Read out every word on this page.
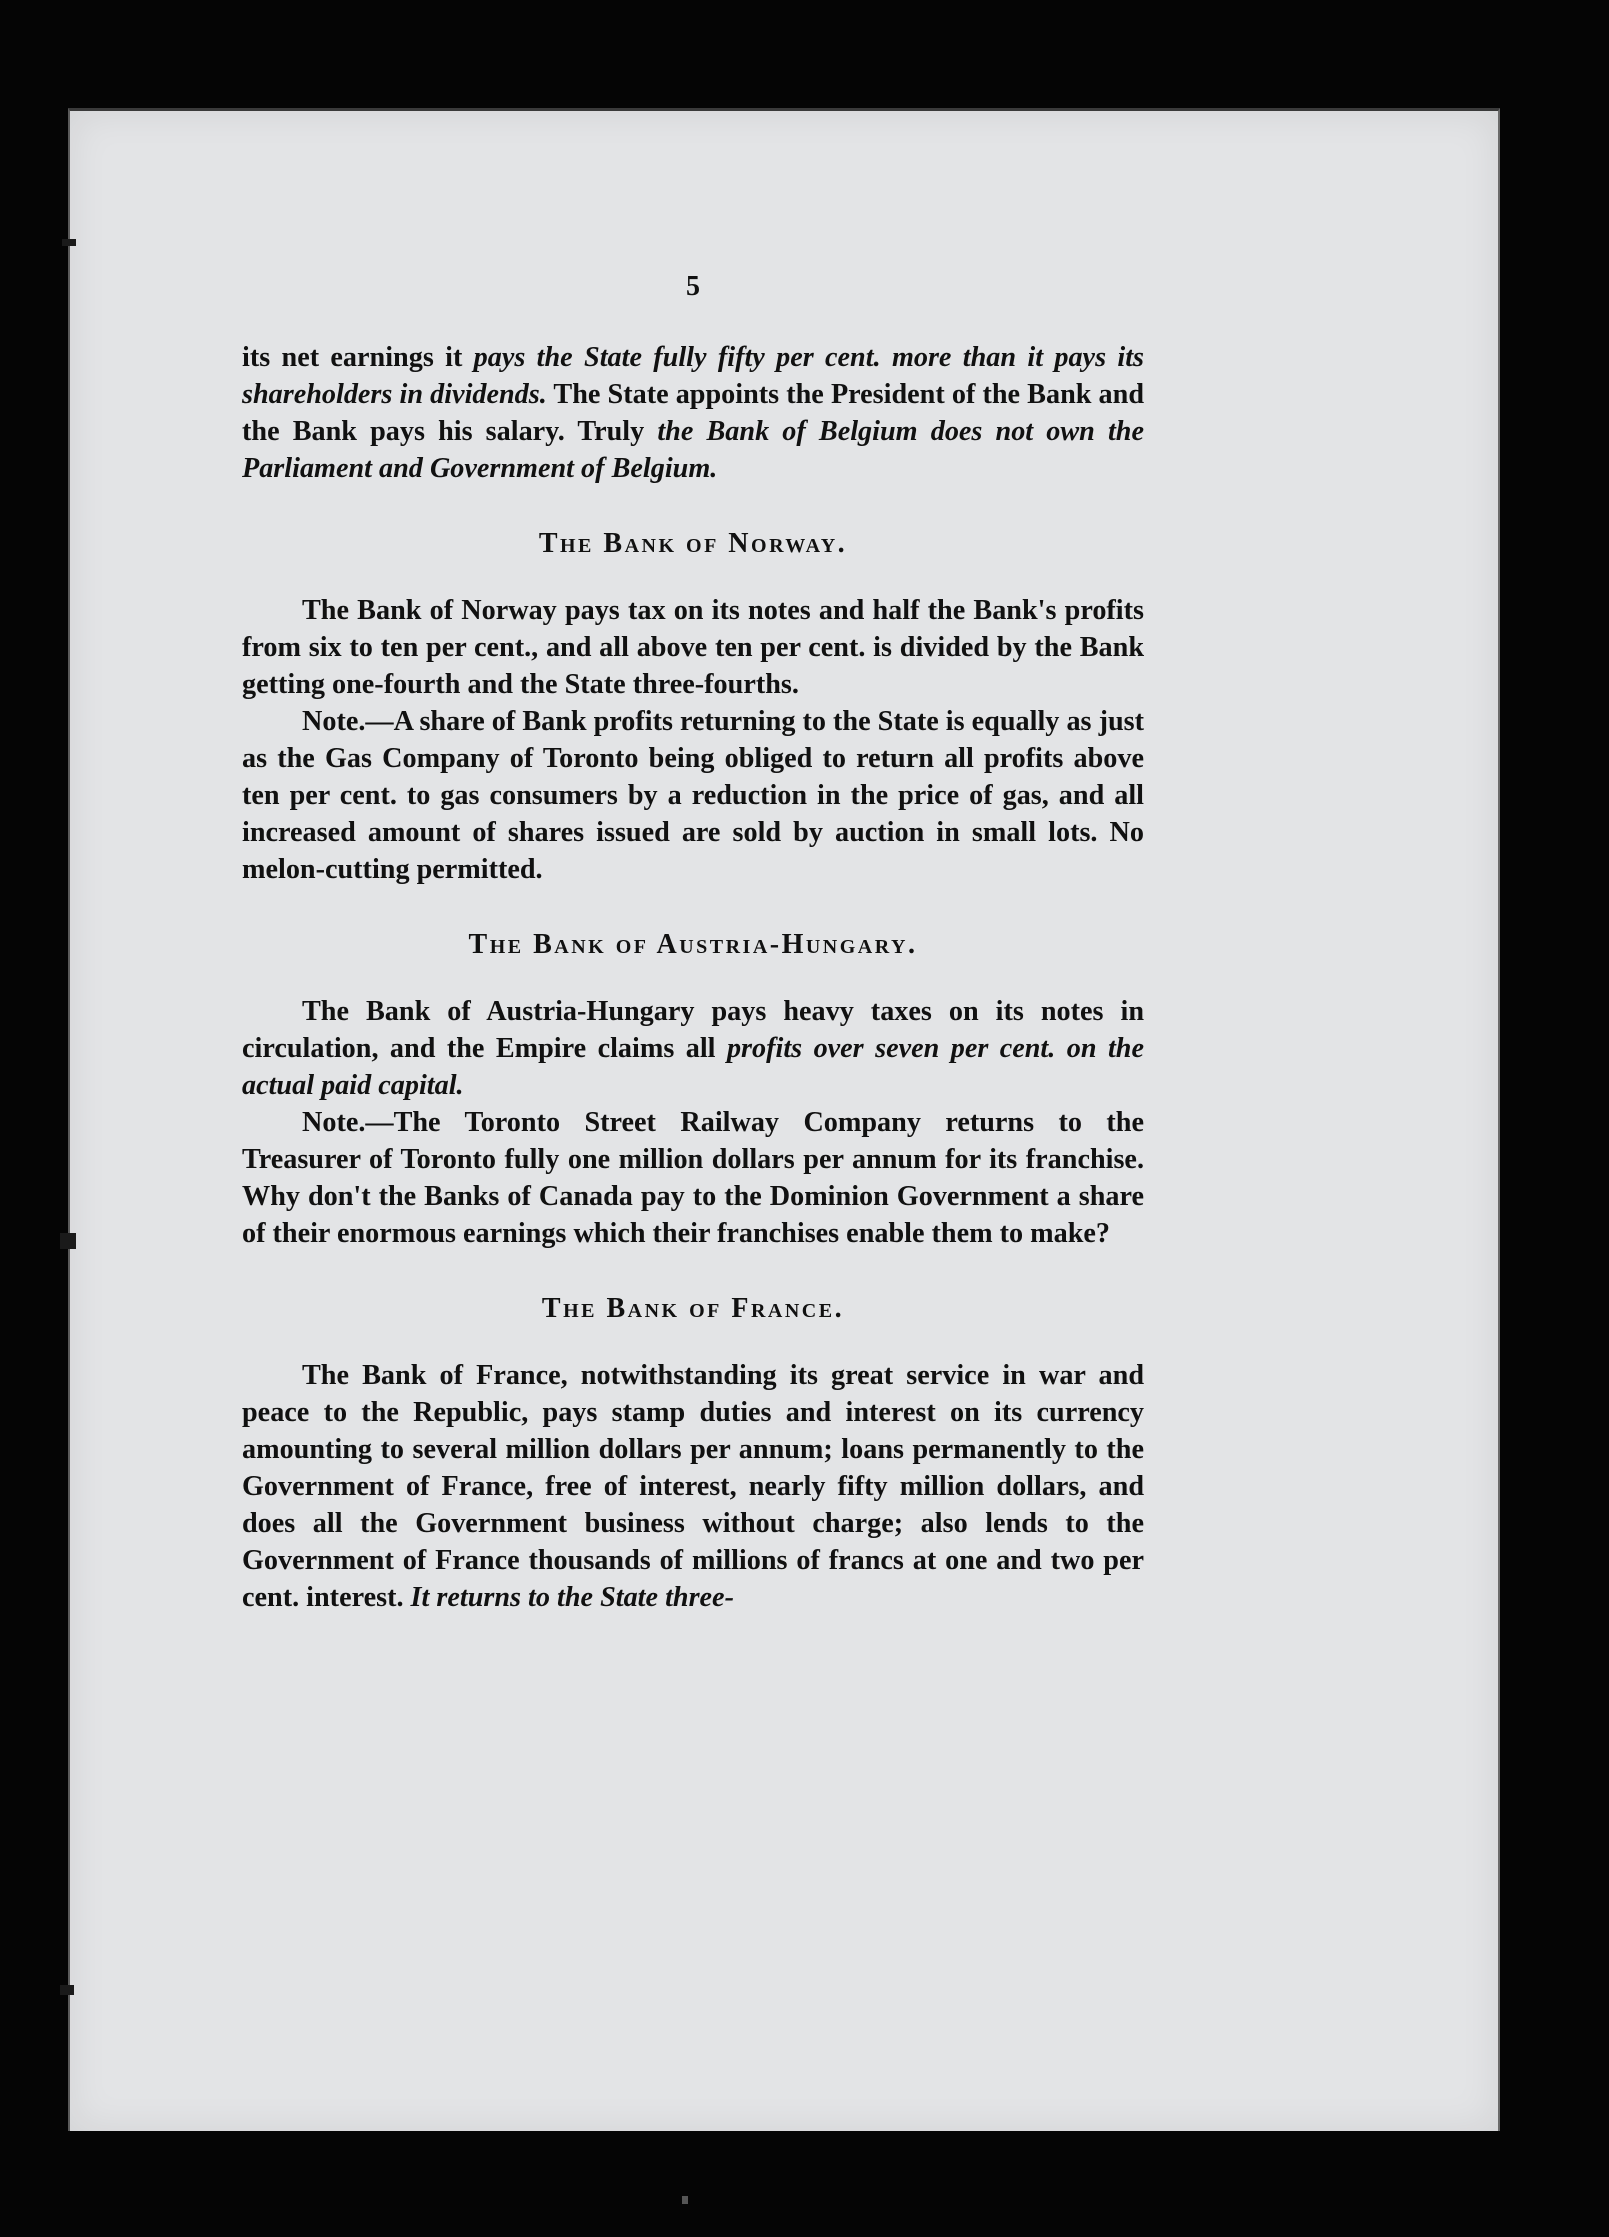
5

its net earnings it pays the State fully fifty per cent. more than it pays its shareholders in dividends. The State appoints the President of the Bank and the Bank pays his salary. Truly the Bank of Belgium does not own the Parliament and Government of Belgium.

The Bank of Norway.

The Bank of Norway pays tax on its notes and half the Bank's profits from six to ten per cent., and all above ten per cent. is divided by the Bank getting one-fourth and the State three-fourths.

Note.—A share of Bank profits returning to the State is equally as just as the Gas Company of Toronto being obliged to return all profits above ten per cent. to gas consumers by a reduction in the price of gas, and all increased amount of shares issued are sold by auction in small lots. No melon-cutting permitted.

The Bank of Austria-Hungary.

The Bank of Austria-Hungary pays heavy taxes on its notes in circulation, and the Empire claims all profits over seven per cent. on the actual paid capital.

Note.—The Toronto Street Railway Company returns to the Treasurer of Toronto fully one million dollars per annum for its franchise. Why don't the Banks of Canada pay to the Dominion Government a share of their enormous earnings which their franchises enable them to make?

The Bank of France.

The Bank of France, notwithstanding its great service in war and peace to the Republic, pays stamp duties and interest on its currency amounting to several million dollars per annum; loans permanently to the Government of France, free of interest, nearly fifty million dollars, and does all the Government business without charge; also lends to the Government of France thousands of millions of francs at one and two per cent. interest. It returns to the State three-
